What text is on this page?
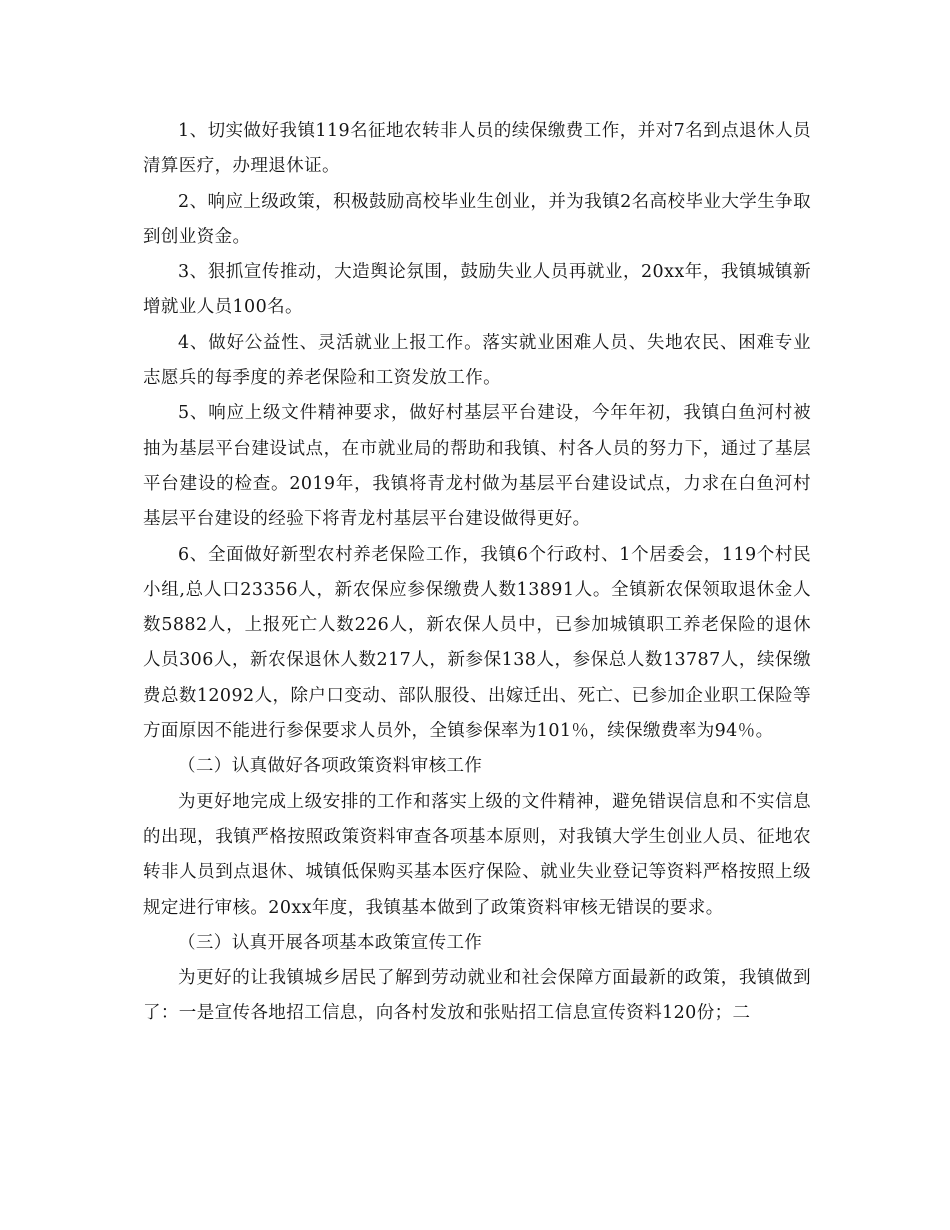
1、切实做好我镇119名征地农转非人员的续保缴费工作，并对7名到点退休人员清算医疗，办理退休证。

2、响应上级政策，积极鼓励高校毕业生创业，并为我镇2名高校毕业大学生争取到创业资金。

3、狠抓宣传推动，大造舆论氛围，鼓励失业人员再就业，20xx年，我镇城镇新增就业人员100名。

4、做好公益性、灵活就业上报工作。落实就业困难人员、失地农民、困难专业志愿兵的每季度的养老保险和工资发放工作。

5、响应上级文件精神要求，做好村基层平台建设，今年年初，我镇白鱼河村被抽为基层平台建设试点，在市就业局的帮助和我镇、村各人员的努力下，通过了基层平台建设的检查。2019年，我镇将青龙村做为基层平台建设试点，力求在白鱼河村基层平台建设的经验下将青龙村基层平台建设做得更好。

6、全面做好新型农村养老保险工作，我镇6个行政村、1个居委会，119个村民小组,总人口23356人，新农保应参保缴费人数13891人。全镇新农保领取退休金人数5882人，上报死亡人数226人，新农保人员中，已参加城镇职工养老保险的退休人员306人，新农保退休人数217人，新参保138人，参保总人数13787人，续保缴费总数12092人，除户口变动、部队服役、出嫁迁出、死亡、已参加企业职工保险等方面原因不能进行参保要求人员外，全镇参保率为101％，续保缴费率为94％。

（二）认真做好各项政策资料审核工作

为更好地完成上级安排的工作和落实上级的文件精神，避免错误信息和不实信息的出现，我镇严格按照政策资料审查各项基本原则，对我镇大学生创业人员、征地农转非人员到点退休、城镇低保购买基本医疗保险、就业失业登记等资料严格按照上级规定进行审核。20xx年度，我镇基本做到了政策资料审核无错误的要求。

（三）认真开展各项基本政策宣传工作

为更好的让我镇城乡居民了解到劳动就业和社会保障方面最新的政策，我镇做到了：一是宣传各地招工信息，向各村发放和张贴招工信息宣传资料120份；二
